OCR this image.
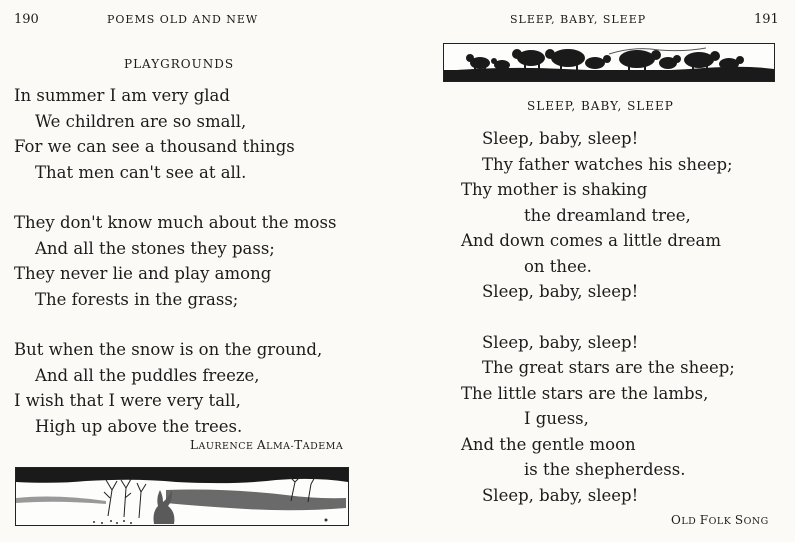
190	POEMS OLD AND NEW
PLAYGROUNDS
In summer I am very glad
We children are so small,
For we can see a thousand things
That men can't see at all.
They don't know much about the moss
And all the stones they pass;
They never lie and play among
The forests in the grass;
But when the snow is on the ground,
And all the puddles freeze,
I wish that I were very tall,
High up above the trees.
LAURENCE ALMA-TADEMA
SLEEP, BABY, SLEEP	191
SLEEP, BABY, SLEEP
Sleep, baby, sleep!
Thy father watches his sheep;
Thy mother is shaking
the dreamland tree,
And down comes a little dream
on thee.
Sleep, baby, sleep!
Sleep, baby, sleep!
The great stars are the sheep;
The little stars are the lambs,
I guess,
And the gentle moon
is the shepherdess.
Sleep, baby, sleep!
OLD FOLK SONG
